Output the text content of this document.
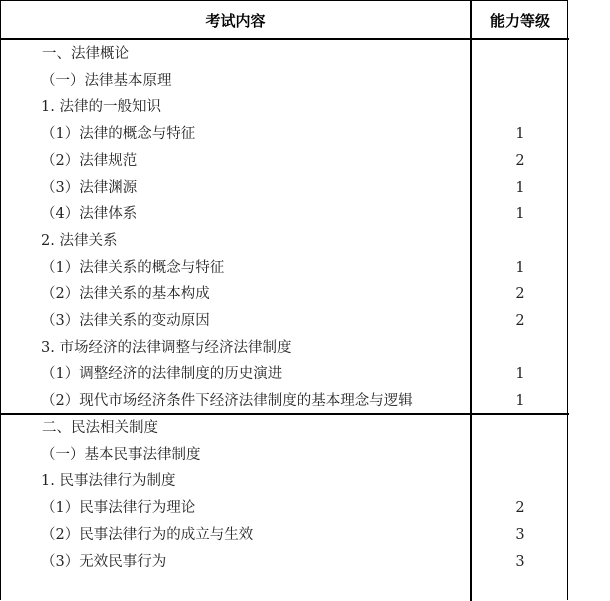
考试内容	能力等级
一、法律概论
（一）法律基本原理
1. 法律的一般知识
（1）法律的概念与特征	1
（2）法律规范	2
（3）法律渊源	1
（4）法律体系	1
2. 法律关系
（1）法律关系的概念与特征	1
（2）法律关系的基本构成	2
（3）法律关系的变动原因	2
3. 市场经济的法律调整与经济法律制度
（1）调整经济的法律制度的历史演进	1
（2）现代市场经济条件下经济法律制度的基本理念与逻辑	1
二、民法相关制度
（一）基本民事法律制度
1. 民事法律行为制度
（1）民事法律行为理论	2
（2）民事法律行为的成立与生效	3
（3）无效民事行为	3
